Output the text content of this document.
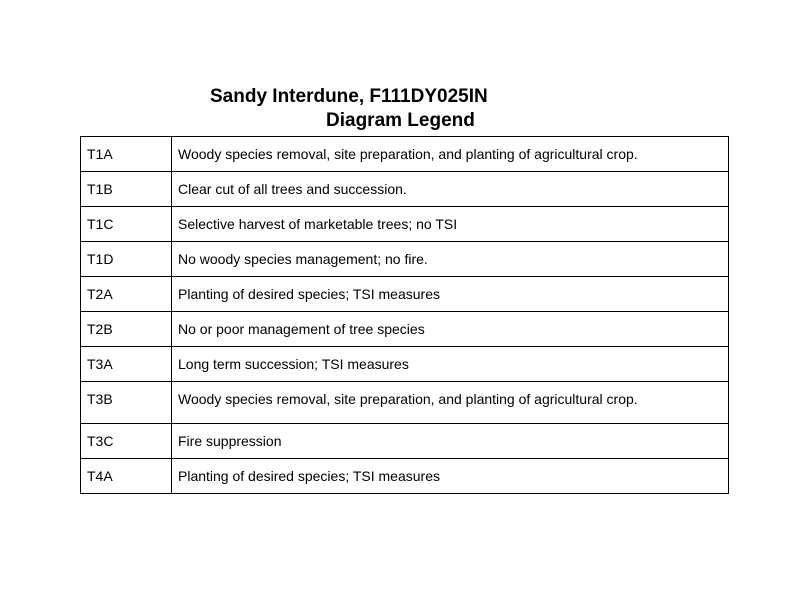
Sandy Interdune, F111DY025IN
Diagram Legend
T1A	Woody species removal, site preparation, and planting of agricultural crop.
T1B	Clear cut of all trees and succession.
T1C	Selective harvest of marketable trees; no TSI
T1D	No woody species management; no fire.
T2A	Planting of desired species; TSI measures
T2B	No or poor management of tree species
T3A	Long term succession; TSI measures
T3B	Woody species removal, site preparation, and planting of agricultural crop.
T3C	Fire suppression
T4A	Planting of desired species; TSI measures
